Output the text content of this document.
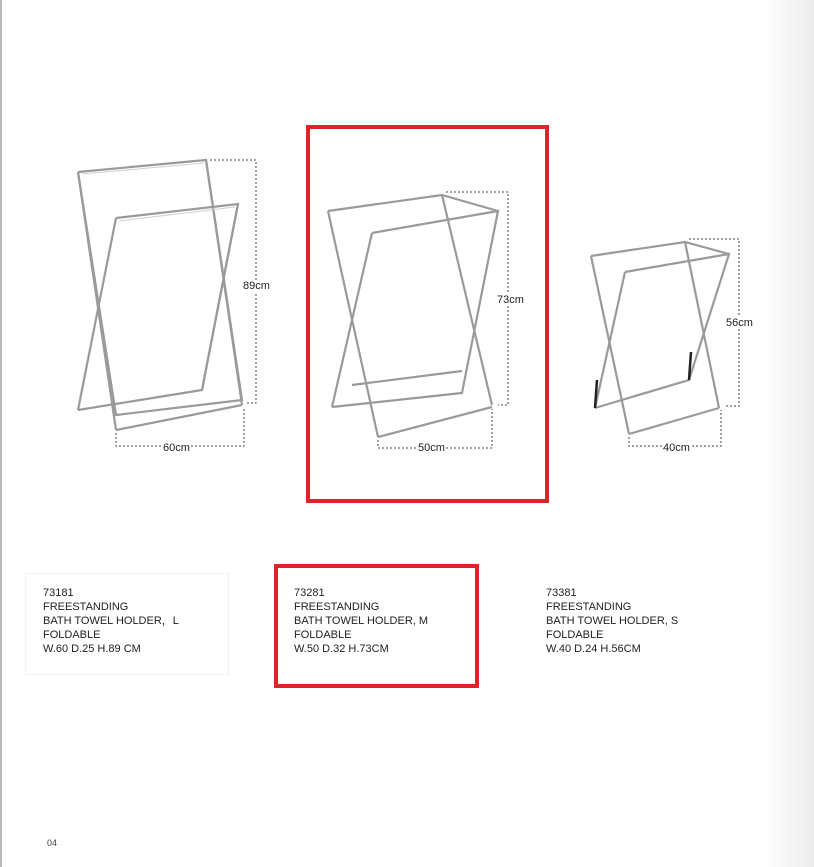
89cm
60cm
73cm
50cm
56cm
40cm
73181
FREESTANDING
BATH TOWEL HOLDER，L
FOLDABLE
W.60 D.25 H.89 CM
73281
FREESTANDING
BATH TOWEL HOLDER, M
FOLDABLE
W.50 D.32 H.73CM
73381
FREESTANDING
BATH TOWEL HOLDER, S
FOLDABLE
W.40 D.24 H.56CM
04
